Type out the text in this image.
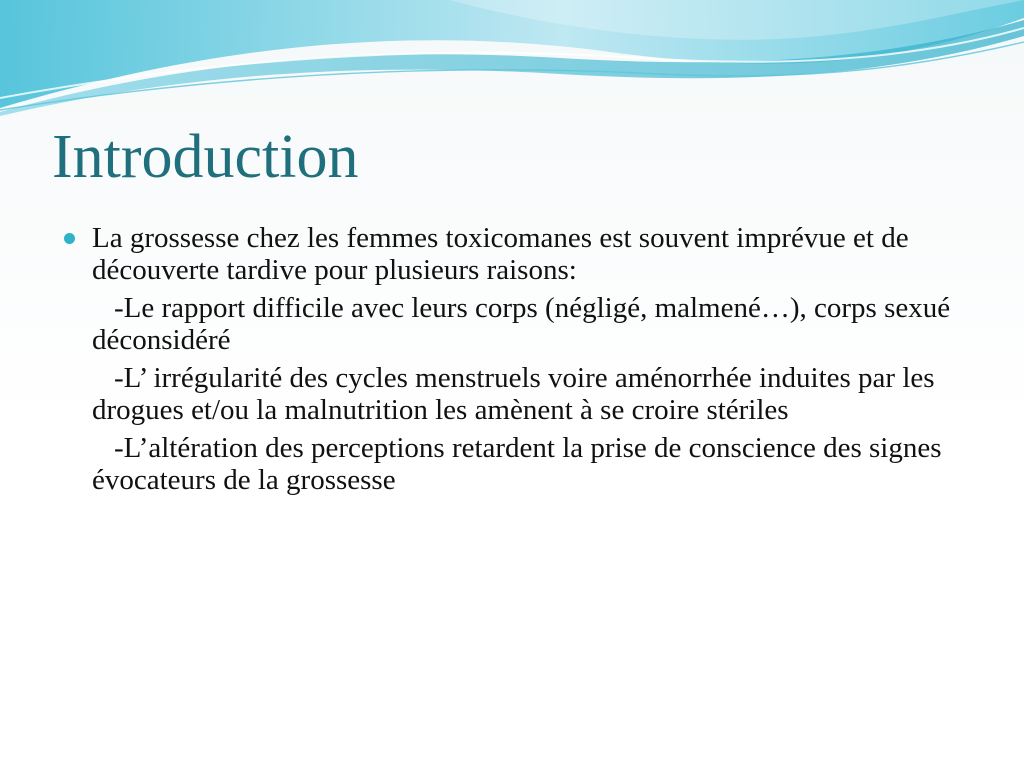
Introduction

La grossesse chez les femmes toxicomanes est souvent imprévue et de découverte tardive pour plusieurs raisons:

-Le rapport difficile avec leurs corps (négligé, malmené…), corps sexué déconsidéré

-L’ irrégularité des cycles menstruels voire aménorrhée induites par les drogues et/ou la malnutrition les amènent à se croire stériles

-L’altération des perceptions retardent la prise de conscience des signes évocateurs de la grossesse
